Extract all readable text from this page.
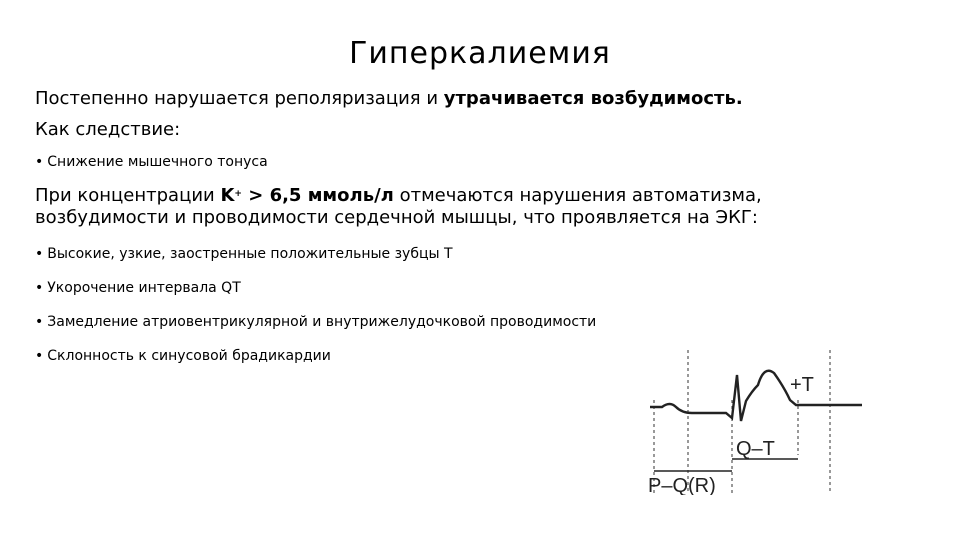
Гиперкалиемия

Постепенно нарушается реполяризация и утрачивается возбудимость.

Как следствие:

• Снижение мышечного тонуса

При концентрации K+ > 6,5 ммоль/л отмечаются нарушения автоматизма,
возбудимости и проводимости сердечной мышцы, что проявляется на ЭКГ:

• Высокие, узкие, заостренные положительные зубцы Т

• Укорочение интервала QT

• Замедление атриовентрикулярной и внутрижелудочковой проводимости

• Склонность к синусовой брадикардии

+T
Q–T
P–Q(R)
